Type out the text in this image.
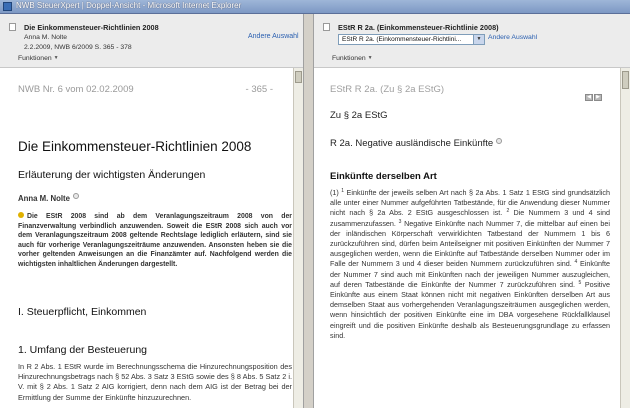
NWB SteuerXpert | Doppel-Ansicht - Microsoft Internet Explorer
Die Einkommensteuer-Richtlinien 2008
Anna M. Nolte
2.2.2009, NWB 6/2009 S. 365 - 378
Andere Auswahl
Funktionen ▼
NWB Nr. 6 vom 02.02.2009	- 365 -
Die Einkommensteuer-Richtlinien 2008
Erläuterung der wichtigsten Änderungen
Anna M. Nolte
Die EStR 2008 sind ab dem Veranlagungszeitraum 2008 von der Finanzverwaltung verbindlich anzuwenden. Soweit die EStR 2008 sich auch vor dem Veranlagungszeitraum 2008 geltende Rechtslage lediglich erläutern, sind sie auch für vorherige Veranlagungszeiträume anzuwenden. Ansonsten heben sie die vorher geltenden Anweisungen an die Finanzämter auf. Nachfolgend werden die wichtigsten inhaltlichen Änderungen dargestellt.
I. Steuerpflicht, Einkommen
1. Umfang der Besteuerung
In R 2 Abs. 1 EStR wurde im Berechnungsschema die Hinzurechnungsposition des Hinzurechnungsbetrags nach § 52 Abs. 3 Satz 3 EStG sowie des § 8 Abs. 5 Satz 2 i. V. mit § 2 Abs. 1 Satz 2 AIG korrigiert, denn nach dem AIG ist der Betrag bei der Ermittlung der Summe der Einkünfte hinzuzurechnen.
EStR R 2a. (Einkommensteuer-Richtlinie 2008)
EStR R 2a. (Einkommensteuer-Richtlini...	▼ Andere Auswahl
Funktionen ▼
EStR R 2a. (Zu § 2a EStG)
◀ ▶
Zu § 2a EStG
R 2a. Negative ausländische Einkünfte
Einkünfte derselben Art
(1) $^1$ Einkünfte der jeweils selben Art nach § 2a Abs. 1 Satz 1 EStG sind grundsätzlich alle unter einer Nummer aufgeführten Tatbestände, für die Anwendung dieser Nummer nicht nach § 2a Abs. 2 EStG ausgeschlossen ist. $^2$ Die Nummern 3 und 4 sind zusammenzufassen. $^3$ Negative Einkünfte nach Nummer 7, die mittelbar auf einen bei der inländischen Körperschaft verwirklichten Tatbestand der Nummern 1 bis 6 zurückzuführen sind, dürfen beim Anteilseigner mit positiven Einkünften der Nummer 7 ausgeglichen werden, wenn die Einkünfte auf Tatbestände derselben Nummer oder im Falle der Nummern 3 und 4 dieser beiden Nummern zurückzuführen sind. $^4$ Einkünfte der Nummer 7 sind auch mit Einkünften nach der jeweiligen Nummer auszugleichen, auf deren Tatbestände die Einkünfte der Nummer 7 zurückzuführen sind. $^5$ Positive Einkünfte aus einem Staat können nicht mit negativen Einkünften derselben Art aus demselben Staat aus vorhergehenden Veranlagungszeiträumen ausgeglichen werden, wenn hinsichtlich der positiven Einkünfte eine im DBA vorgesehene Rückfallklausel eingreift und die positiven Einkünfte deshalb als Besteuerungsgrundlage zu erfassen sind.
